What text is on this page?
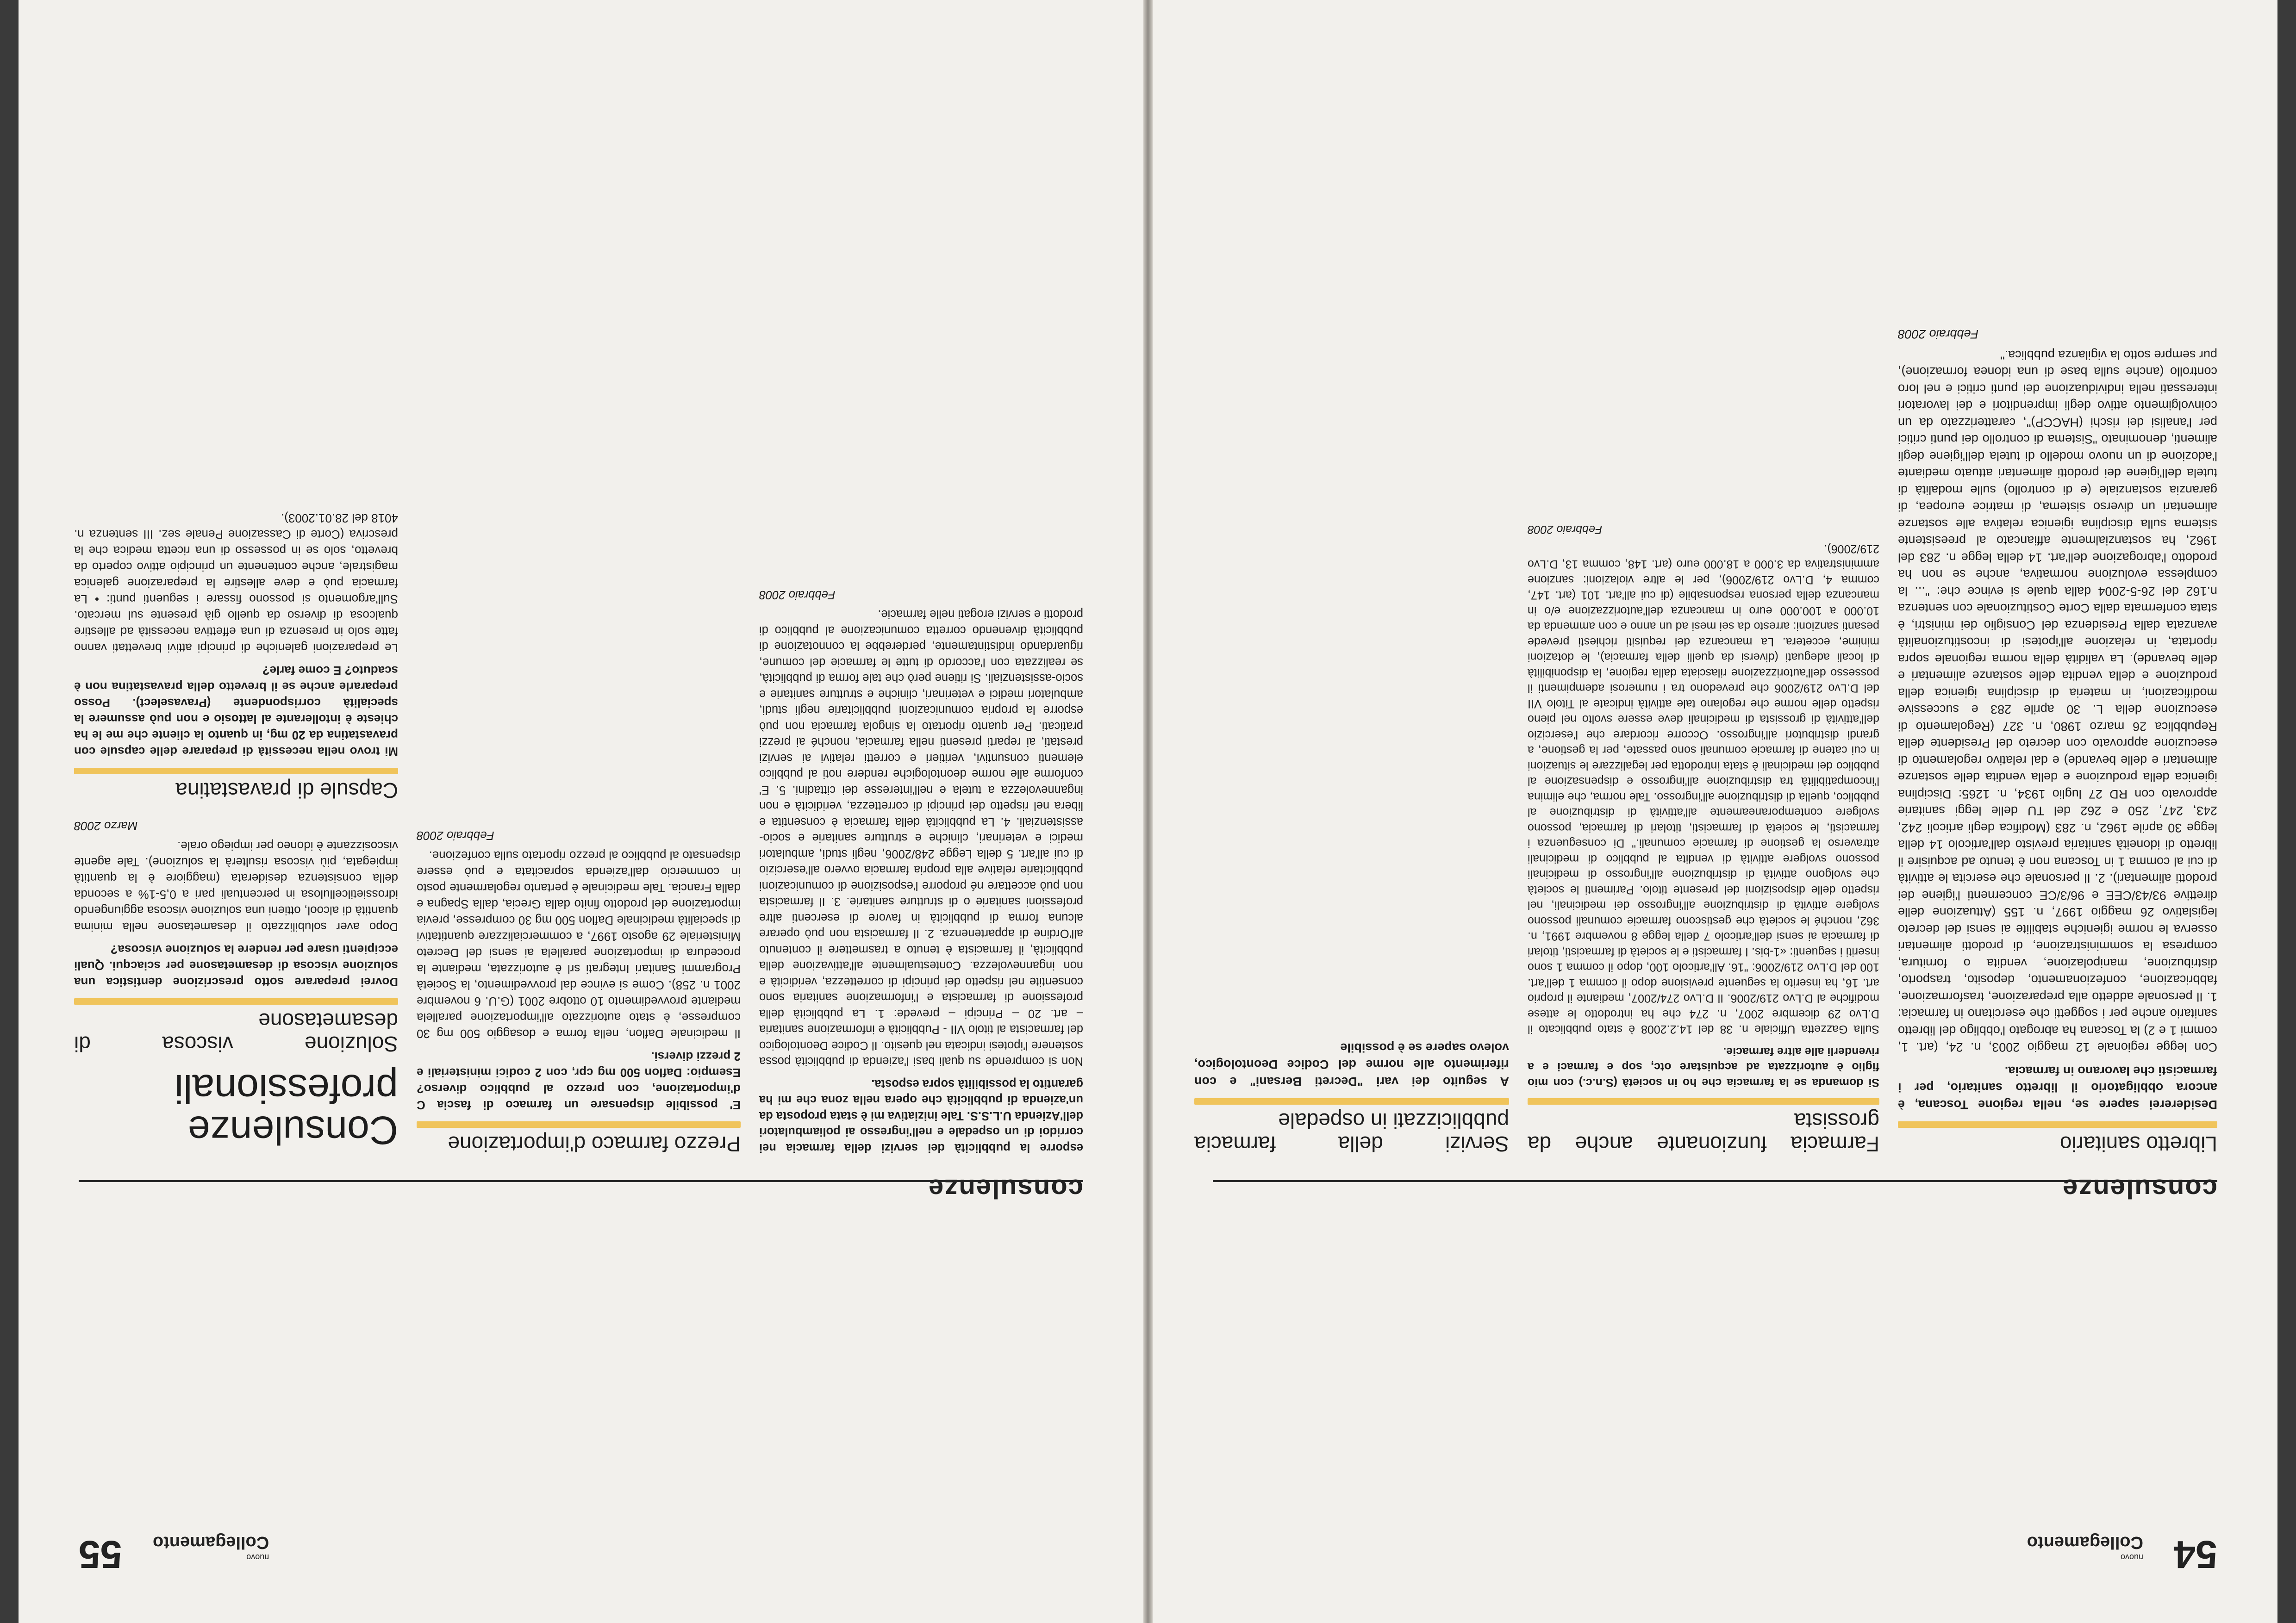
54
nuovo
Collegamento
consulenze
Libretto sanitario
Desidererei sapere se, nella regione Toscana, è ancora obbligatorio il libretto sanitario, per i farmacisti che lavorano in farmacia.
Con legge regionale 12 maggio 2003, n. 24, (art. 1, commi 1 e 2) la Toscana ha abrogato l'obbligo del libretto sanitario anche per i soggetti che esercitano in farmacia: 1. Il personale addetto alla preparazione, trasformazione, fabbricazione, confezionamento, deposito, trasporto, distribuzione, manipolazione, vendita o fornitura, compresa la somministrazione, di prodotti alimentari osserva le norme igieniche stabilite ai sensi del decreto legislativo 26 maggio 1997, n. 155 (Attuazione delle direttive 93/43/CEE e 96/3/CE concernenti l'igiene dei prodotti alimentari). 2. Il personale che esercita le attività di cui al comma 1 in Toscana non è tenuto ad acquisire il libretto di idoneità sanitaria previsto dall'articolo 14 della legge 30 aprile 1962, n. 283 (Modifica degli articoli 242, 243, 247, 250 e 262 del TU delle leggi sanitarie approvato con RD 27 luglio 1934, n. 1265: Disciplina igienica della produzione e della vendita delle sostanze alimentari e delle bevande) e dal relativo regolamento di esecuzione approvato con decreto del Presidente della Repubblica 26 marzo 1980, n. 327 (Regolamento di esecuzione della L. 30 aprile 283 e successive modificazioni, in materia di disciplina igienica della produzione e della vendita delle sostanze alimentari e delle bevande). La validità della norma regionale sopra riportata, in relazione all'ipotesi di incostituzionalità avanzata dalla Presidenza del Consiglio dei ministri, è stata confermata dalla Corte Costituzionale con sentenza n.162 del 26-5-2004 dalla quale si evince che: "... la complessa evoluzione normativa, anche se non ha prodotto l'abrogazione dell'art. 14 della legge n. 283 del 1962, ha sostanzialmente affiancato al preesistente sistema sulla disciplina igienica relativa alle sostanze alimentari un diverso sistema, di matrice europea, di garanzia sostanziale (e di controllo) sulle modalità di tutela dell'igiene dei prodotti alimentari attuato mediante l'adozione di un nuovo modello di tutela dell'igiene degli alimenti, denominato "Sistema di controllo dei punti critici per l'analisi dei rischi (HACCP)", caratterizzato da un coinvolgimento attivo degli imprenditori e dei lavoratori interessati nella individuazione dei punti critici e nel loro controllo (anche sulla base di una idonea formazione), pur sempre sotto la vigilanza pubblica."
Febbraio 2008
Farmacia funzionante anche da grossista
Si domanda se la farmacia che ho in società (S.n.c.) con mio figlio è autorizzata ad acquistare otc, sop e farmaci e a rivenderli alle altre farmacie.
Sulla Gazzetta Ufficiale n. 38 del 14.2.2008 è stato pubblicato il D.Lvo 29 dicembre 2007, n. 274 che ha introdotto le attese modifiche al D.Lvo 219/2006. Il D.Lvo 274/2007, mediante il proprio art. 16, ha inserito la seguente previsione dopo il comma 1 dell'art. 100 del D.Lvo 219/2006: "16. All'articolo 100, dopo il comma 1 sono inseriti i seguenti: «1-bis. I farmacisti e le società di farmacisti, titolari di farmacia ai sensi dell'articolo 7 della legge 8 novembre 1991, n. 362, nonché le società che gestiscono farmacie comunali possono svolgere attività di distribuzione all'ingrosso dei medicinali, nel rispetto delle disposizioni del presente titolo. Parimenti le società che svolgono attività di distribuzione all'ingrosso di medicinali possono svolgere attività di vendita al pubblico di medicinali attraverso la gestione di farmacie comunali." Di conseguenza i farmacisti, le società di farmacisti, titolari di farmacia, possono svolgere contemporaneamente all'attività di distribuzione al pubblico, quella di distribuzione all'ingrosso. Tale norma, che elimina l'incompatibilità tra distribuzione all'ingrosso e dispensazione al pubblico dei medicinali è stata introdotta per legalizzare le situazioni in cui catene di farmacie comunali sono passate, per la gestione, a grandi distributori all'ingrosso. Occorre ricordare che l'esercizio dell'attività di grossista di medicinali deve essere svolto nel pieno rispetto delle norme che regolano tale attività indicate al Titolo VII del D.Lvo 219/2006 che prevedono tra i numerosi adempimenti il possesso dell'autorizzazione rilasciata dalla regione, la disponibilità di locali adeguati (diversi da quelli della farmacia), le dotazioni minime, eccetera. La mancanza dei requisiti richiesti prevede pesanti sanzioni: arresto da sei mesi ad un anno e con ammenda da 10.000 a 100.000 euro in mancanza dell'autorizzazione e/o in mancanza della persona responsabile (di cui all'art. 101 (art. 147, comma 4, D.Lvo 219/2006), per le altre violazioni: sanzione amministrativa da 3.000 a 18.000 euro (art. 148, comma 13, D.Lvo 219/2006).
Febbraio 2008
Servizi della farmacia pubblicizzati in ospedale
A seguito dei vari "Decreti Bersani" e con riferimento alle norme del Codice Deontologico, volevo sapere se è possibile
nuovo
Collegamento
55
consulenze
esporre la pubblicità dei servizi della farmacia nei corridoi di un ospedale e nell'ingresso ai poliambulatori dell'Azienda U.L.S.S. Tale iniziativa mi è stata proposta da un'azienda di pubblicità che opera nella zona che mi ha garantito la possibilità sopra esposta.
Non si comprende su quali basi l'azienda di pubblicità possa sostenere l'ipotesi indicata nel quesito. Il Codice Deontologico del farmacista al titolo VII - Pubblicità e informazione sanitaria – art. 20 – Principi – prevede: 1. La pubblicità della professione di farmacista e l'informazione sanitaria sono consentite nel rispetto dei principi di correttezza, veridicità e non ingannevolezza. Contestualmente all'attivazione della pubblicità, il farmacista è tenuto a trasmettere il contenuto all'Ordine di appartenenza. 2. Il farmacista non può operare alcuna forma di pubblicità in favore di esercenti altre professioni sanitarie o di strutture sanitarie. 3. Il farmacista non può accettare né proporre l'esposizione di comunicazioni pubblicitarie relative alla propria farmacia ovvero all'esercizio di cui all'art. 5 della Legge 248/2006, negli studi, ambulatori medici e veterinari, cliniche e strutture sanitarie e socio-assistenziali. 4. La pubblicità della farmacia è consentita e libera nel rispetto dei principi di correttezza, veridicità e non ingannevolezza a tutela e nell'interesse dei cittadini. 5. E' conforme alle norme deontologiche rendere noti al pubblico elementi consuntivi, veritieri e corretti relativi ai servizi prestati, ai reparti presenti nella farmacia, nonché ai prezzi praticati. Per quanto riportato la singola farmacia non può esporre la propria comunicazioni pubblicitarie negli studi, ambulatori medici e veterinari, cliniche e strutture sanitarie e socio-assistenziali. Si ritiene però che tale forma di pubblicità, se realizzata con l'accordo di tutte le farmacie del comune, riguardando indistintamente, perderebbe la connotazione di pubblicità divenendo corretta comunicazione al pubblico di prodotti e servizi erogati nelle farmacie.
Febbraio 2008
Prezzo farmaco d'importazione
E' possibile dispensare un farmaco di fascia C d'importazione, con prezzo al pubblico diverso? Esempio: Daflon 500 mg cpr, con 2 codici ministeriali e 2 prezzi diversi.
Il medicinale Daflon, nella forma e dosaggio 500 mg 30 compresse, è stato autorizzato all'importazione parallela mediante provvedimento 10 ottobre 2001 (G.U. 6 novembre 2001 n. 258). Come si evince dal provvedimento, la Società Programmi Sanitari Integrati srl è autorizzata, mediante la procedura di importazione parallela ai sensi del Decreto Ministeriale 29 agosto 1997, a commercializzare quantitativi di specialità medicinale Daflon 500 mg 30 compresse, previa importazione del prodotto finito dalla Grecia, dalla Spagna e dalla Francia. Tale medicinale è pertanto regolarmente posto in commercio dall'azienda sopracitata e può essere dispensato al pubblico al prezzo riportato sulla confezione.
Febbraio 2008
Consulenze professionali
Soluzione viscosa di desametasone
Dovrei preparare sotto prescrizione dentistica una soluzione viscosa di desametasone per sciacqui. Quali eccipienti usare per rendere la soluzione viscosa?
Dopo aver solubilizzato il desametasone nella minima quantità di alcool, ottieni una soluzione viscosa aggiungendo idrossietilcellulosa in percentuali pari a 0,5-1% a seconda della consistenza desiderata (maggiore è la quantità impiegata, più viscosa risulterà la soluzione). Tale agente viscosizzante è idoneo per impiego orale.
Marzo 2008
Capsule di pravastatina
Mi trovo nella necessità di preparare delle capsule con pravastatina da 20 mg, in quanto la cliente che me le ha chieste è intollerante al lattosio e non può assumere la specialità corrispondente (Pravaselect). Posso prepararle anche se il brevetto della pravastatina non è scaduto? E come farle?
Le preparazioni galeniche di principi attivi brevettati vanno fatte solo in presenza di una effettiva necessità ad allestire qualcosa di diverso da quello già presente sul mercato. Sull'argomento si possono fissare i seguenti punti: • La farmacia può e deve allestire la preparazione galenica magistrale, anche contenente un principio attivo coperto da brevetto, solo se in possesso di una ricetta medica che la prescriva (Corte di Cassazione Penale sez. III sentenza n. 4018 del 28.01.2003).
